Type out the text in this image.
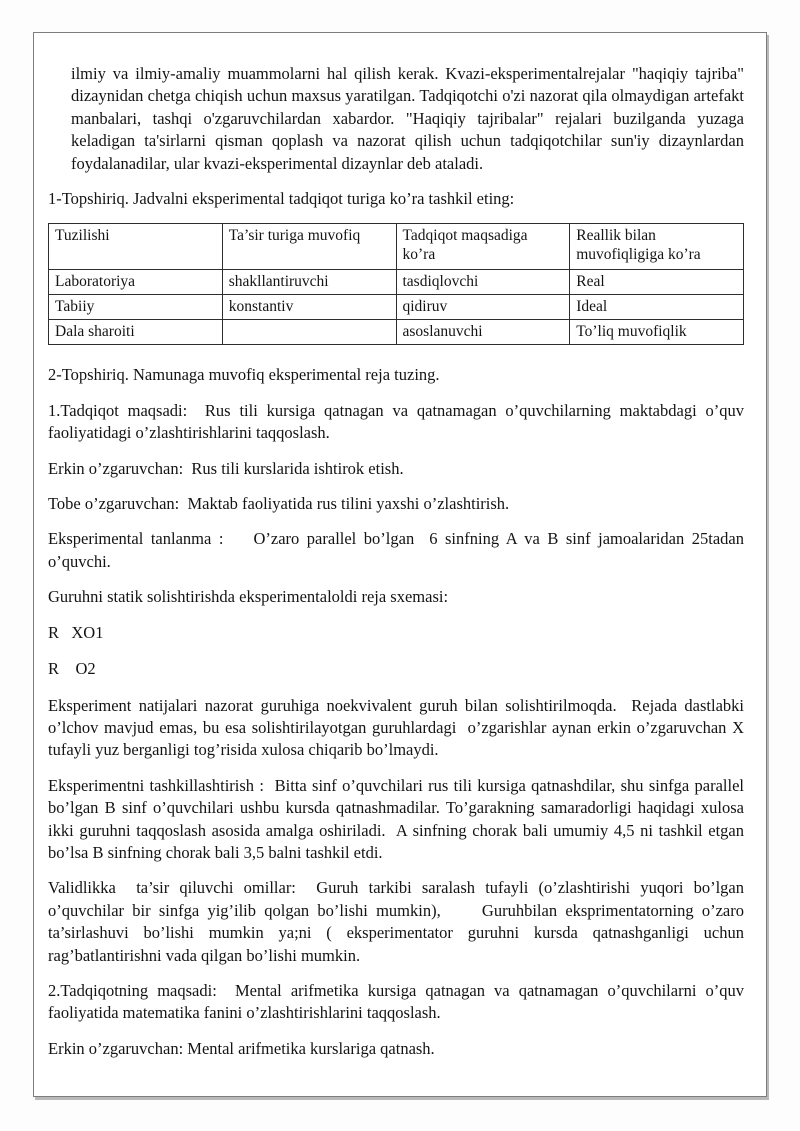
ilmiy va ilmiy-amaliy muammolarni hal qilish kerak. Kvazi-eksperimentalrejalar "haqiqiy tajriba" dizaynidan chetga chiqish uchun maxsus yaratilgan. Tadqiqotchi o'zi nazorat qila olmaydigan artefakt manbalari, tashqi o'zgaruvchilardan xabardor. "Haqiqiy tajribalar" rejalari buzilganda yuzaga keladigan ta'sirlarni qisman qoplash va nazorat qilish uchun tadqiqotchilar sun'iy dizaynlardan foydalanadilar, ular kvazi-eksperimental dizaynlar deb ataladi.

1-Topshiriq. Jadvalni eksperimental tadqiqot turiga ko’ra tashkil eting:

Tuzilishi	Ta’sir turiga muvofiq	Tadqiqot maqsadiga ko’ra	Reallik bilan muvofiqligiga ko’ra
Laboratoriya	shakllantiruvchi	tasdiqlovchi	Real
Tabiiy	konstantiv	qidiruv	Ideal
Dala sharoiti		asoslanuvchi	To’liq muvofiqlik

2-Topshiriq. Namunaga muvofiq eksperimental reja tuzing.

1.Tadqiqot maqsadi:  Rus tili kursiga qatnagan va qatnamagan o’quvchilarning maktabdagi o’quv faoliyatidagi o’zlashtirishlarini taqqoslash.

Erkin o’zgaruvchan:  Rus tili kurslarida ishtirok etish.

Tobe o’zgaruvchan:  Maktab faoliyatida rus tilini yaxshi o’zlashtirish.

Eksperimental tanlanma :    O’zaro parallel bo’lgan  6 sinfning A va B sinf jamoalaridan 25tadan o’quvchi.

Guruhni statik solishtirishda eksperimentaloldi reja sxemasi:

R   XO1

R    O2

Eksperiment natijalari nazorat guruhiga noekvivalent guruh bilan solishtirilmoqda.  Rejada dastlabki o’lchov mavjud emas, bu esa solishtirilayotgan guruhlardagi  o’zgarishlar aynan erkin o’zgaruvchan X tufayli yuz berganligi tog’risida xulosa chiqarib bo’lmaydi.

Eksperimentni tashkillashtirish :  Bitta sinf o’quvchilari rus tili kursiga qatnashdilar, shu sinfga parallel bo’lgan B sinf o’quvchilari ushbu kursda qatnashmadilar. To’garakning samaradorligi haqidagi xulosa ikki guruhni taqqoslash asosida amalga oshiriladi.  A sinfning chorak bali umumiy 4,5 ni tashkil etgan bo’lsa B sinfning chorak bali 3,5 balni tashkil etdi.

Validlikka  ta’sir qiluvchi omillar:  Guruh tarkibi saralash tufayli (o’zlashtirishi yuqori bo’lgan o’quvchilar bir sinfga yig’ilib qolgan bo’lishi mumkin),     Guruhbilan eksprimentatorning o’zaro ta’sirlashuvi bo’lishi mumkin ya;ni ( eksperimentator guruhni kursda qatnashganligi uchun rag’batlantirishni vada qilgan bo’lishi mumkin.

2.Tadqiqotning maqsadi:  Mental arifmetika kursiga qatnagan va qatnamagan o’quvchilarni o’quv faoliyatida matematika fanini o’zlashtirishlarini taqqoslash.

Erkin o’zgaruvchan: Mental arifmetika kurslariga qatnash.
